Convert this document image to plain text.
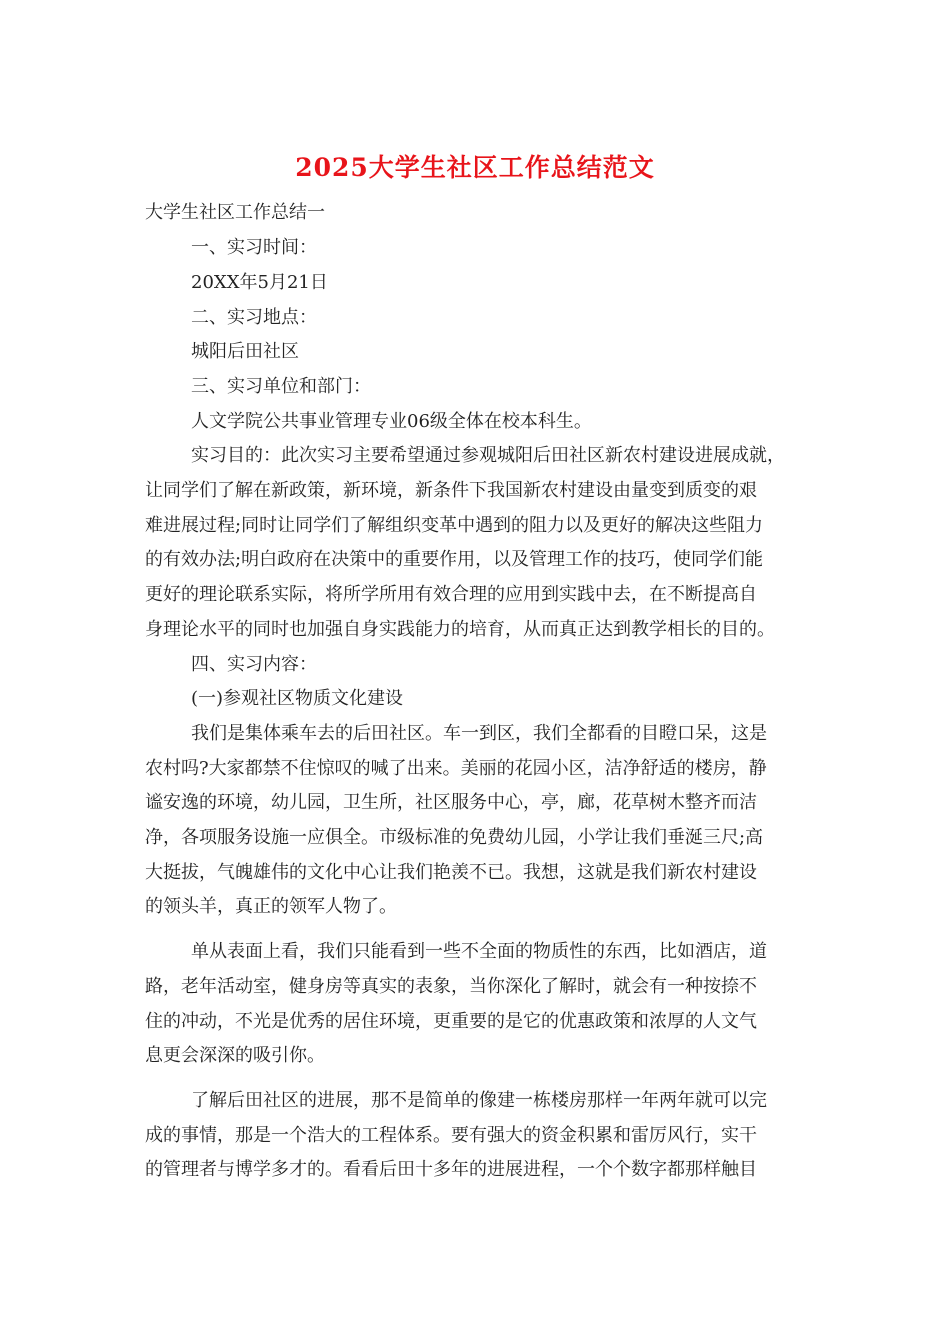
2025大学生社区工作总结范文
大学生社区工作总结一
一、实习时间：
20XX年5月21日
二、实习地点：
城阳后田社区
三、实习单位和部门：
人文学院公共事业管理专业06级全体在校本科生。
实习目的：此次实习主要希望通过参观城阳后田社区新农村建设进展成就，
让同学们了解在新政策，新环境，新条件下我国新农村建设由量变到质变的艰
难进展过程;同时让同学们了解组织变革中遇到的阻力以及更好的解决这些阻力
的有效办法;明白政府在决策中的重要作用，以及管理工作的技巧，使同学们能
更好的理论联系实际，将所学所用有效合理的应用到实践中去，在不断提高自
身理论水平的同时也加强自身实践能力的培育，从而真正达到教学相长的目的。
四、实习内容：
(一)参观社区物质文化建设
我们是集体乘车去的后田社区。车一到区，我们全都看的目瞪口呆，这是
农村吗?大家都禁不住惊叹的喊了出来。美丽的花园小区，洁净舒适的楼房，静
谧安逸的环境，幼儿园，卫生所，社区服务中心，亭，廊，花草树木整齐而洁
净，各项服务设施一应俱全。市级标准的免费幼儿园，小学让我们垂涎三尺;高
大挺拔，气魄雄伟的文化中心让我们艳羡不已。我想，这就是我们新农村建设
的领头羊，真正的领军人物了。
单从表面上看，我们只能看到一些不全面的物质性的东西，比如酒店，道
路，老年活动室，健身房等真实的表象，当你深化了解时，就会有一种按捺不
住的冲动，不光是优秀的居住环境，更重要的是它的优惠政策和浓厚的人文气
息更会深深的吸引你。
了解后田社区的进展，那不是简单的像建一栋楼房那样一年两年就可以完
成的事情，那是一个浩大的工程体系。要有强大的资金积累和雷厉风行，实干
的管理者与博学多才的。看看后田十多年的进展进程，一个个数字都那样触目
